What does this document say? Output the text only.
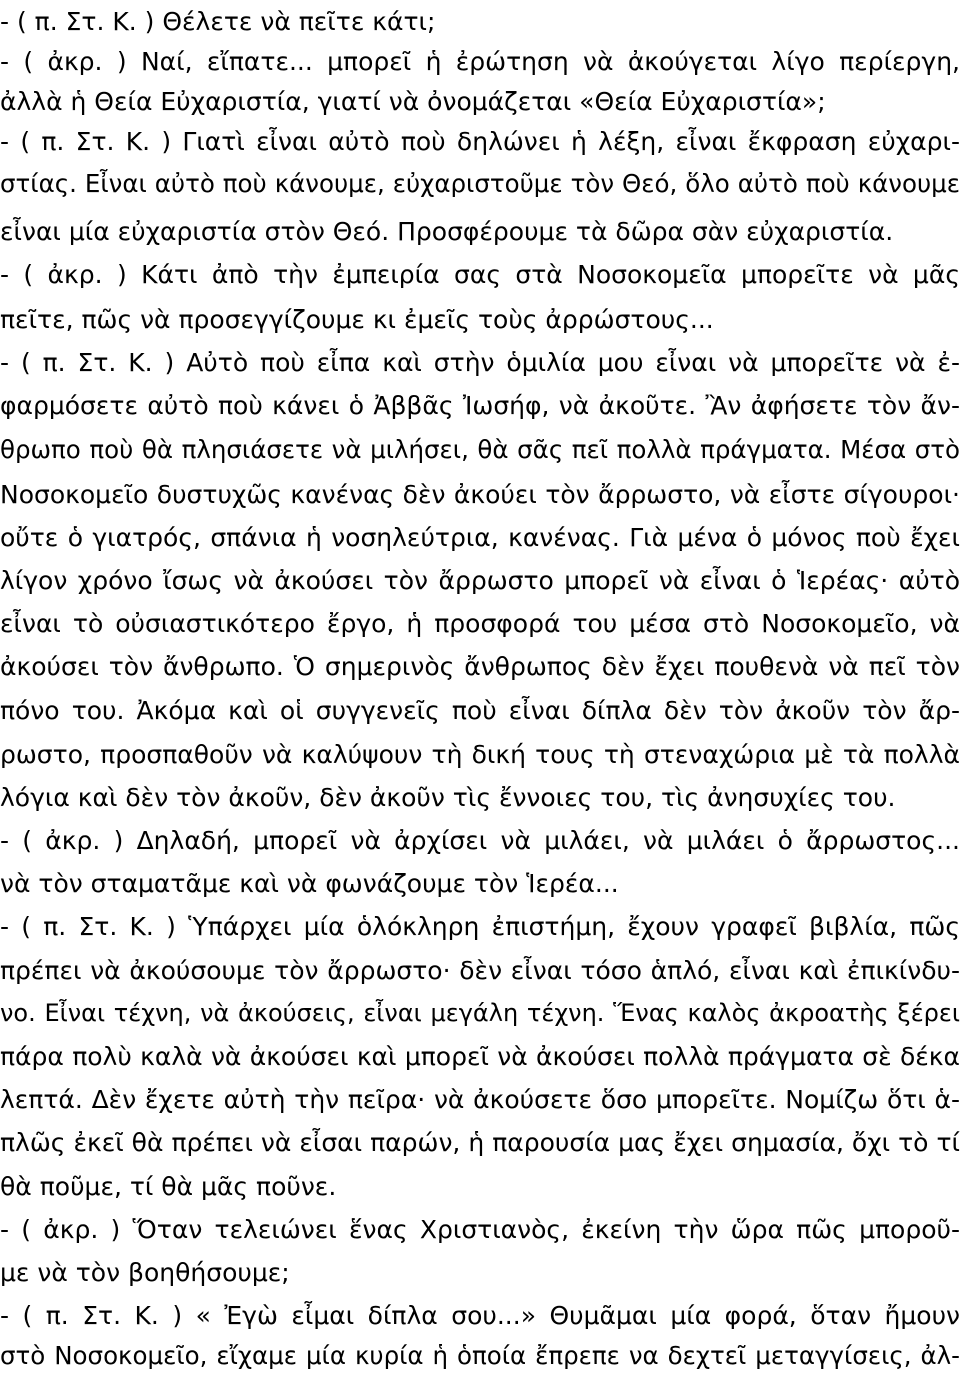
- ( π. Στ. Κ. ) Θέλετε νὰ πεῖτε κάτι;
- ( ἀκρ. ) Ναί, εἴπατε... μπορεῖ ἡ ἐρώτηση νὰ ἀκούγεται λίγο περίεργη,
ἀλλὰ ἡ Θεία Εὐχαριστία, γιατί νὰ ὀνομάζεται «Θεία Εὐχαριστία»;
- ( π. Στ. Κ. ) Γιατὶ εἶναι αὐτὸ ποὺ δηλώνει ἡ λέξη, εἶναι ἔκφραση εὐχαρι-
στίας. Εἶναι αὐτὸ ποὺ κάνουμε, εὐχαριστοῦμε τὸν Θεό, ὅλο αὐτὸ ποὺ κάνουμε
εἶναι μία εὐχαριστία στὸν Θεό. Προσφέρουμε τὰ δῶρα σὰν εὐχαριστία.
- ( ἀκρ. ) Κάτι ἀπὸ τὴν ἐμπειρία σας στὰ Νοσοκομεῖα μπορεῖτε νὰ μᾶς
πεῖτε, πῶς νὰ προσεγγίζουμε κι ἐμεῖς τοὺς ἀρρώστους...
- ( π. Στ. Κ. ) Αὐτὸ ποὺ εἶπα καὶ στὴν ὁμιλία μου εἶναι νὰ μπορεῖτε νὰ ἐ-
φαρμόσετε αὐτὸ ποὺ κάνει ὁ Ἀββᾶς Ἰωσήφ, νὰ ἀκοῦτε. Ἂν ἀφήσετε τὸν ἄν-
θρωπο ποὺ θὰ πλησιάσετε νὰ μιλήσει, θὰ σᾶς πεῖ πολλὰ πράγματα. Μέσα στὸ
Νοσοκομεῖο δυστυχῶς κανένας δὲν ἀκούει τὸν ἄρρωστο, νὰ εἶστε σίγουροι·
οὔτε ὁ γιατρός, σπάνια ἡ νοσηλεύτρια, κανένας. Γιὰ μένα ὁ μόνος ποὺ ἔχει
λίγον χρόνο ἴσως νὰ ἀκούσει τὸν ἄρρωστο μπορεῖ νὰ εἶναι ὁ Ἱερέας· αὐτὸ
εἶναι τὸ οὐσιαστικότερο ἔργο, ἡ προσφορά του μέσα στὸ Νοσοκομεῖο, νὰ
ἀκούσει τὸν ἄνθρωπο. Ὁ σημερινὸς ἄνθρωπος δὲν ἔχει πουθενὰ νὰ πεῖ τὸν
πόνο του. Ἀκόμα καὶ οἱ συγγενεῖς ποὺ εἶναι δίπλα δὲν τὸν ἀκοῦν τὸν ἄρ-
ρωστο, προσπαθοῦν νὰ καλύψουν τὴ δική τους τὴ στεναχώρια μὲ τὰ πολλὰ
λόγια καὶ δὲν τὸν ἀκοῦν, δὲν ἀκοῦν τὶς ἔννοιες του, τὶς ἀνησυχίες του.
- ( ἀκρ. ) Δηλαδή, μπορεῖ νὰ ἀρχίσει νὰ μιλάει, νὰ μιλάει ὁ ἄρρωστος...
νὰ τὸν σταματᾶμε καὶ νὰ φωνάζουμε τὸν Ἱερέα...
- ( π. Στ. Κ. ) Ὑπάρχει μία ὁλόκληρη ἐπιστήμη, ἔχουν γραφεῖ βιβλία, πῶς
πρέπει νὰ ἀκούσουμε τὸν ἄρρωστο· δὲν εἶναι τόσο ἁπλό, εἶναι καὶ ἐπικίνδυ-
νο. Εἶναι τέχνη, νὰ ἀκούσεις, εἶναι μεγάλη τέχνη. Ἕνας καλὸς ἀκροατὴς ξέρει
πάρα πολὺ καλὰ νὰ ἀκούσει καὶ μπορεῖ νὰ ἀκούσει πολλὰ πράγματα σὲ δέκα
λεπτά. Δὲν ἔχετε αὐτὴ τὴν πεῖρα· νὰ ἀκούσετε ὅσο μπορεῖτε. Νομίζω ὅτι ἁ-
πλῶς ἐκεῖ θὰ πρέπει νὰ εἶσαι παρών, ἡ παρουσία μας ἔχει σημασία, ὄχι τὸ τί
θὰ ποῦμε, τί θὰ μᾶς ποῦνε.
- ( ἀκρ. ) Ὅταν τελειώνει ἕνας Χριστιανὸς, ἐκείνη τὴν ὥρα πῶς μποροῦ-
με νὰ τὸν βοηθήσουμε;
- ( π. Στ. Κ. ) « Ἐγὼ εἶμαι δίπλα σου...» Θυμᾶμαι μία φορά, ὅταν ἤμουν
στὸ Νοσοκομεῖο, εἴχαμε μία κυρία ἡ ὁποία ἔπρεπε να δεχτεῖ μεταγγίσεις, ἀλ-
